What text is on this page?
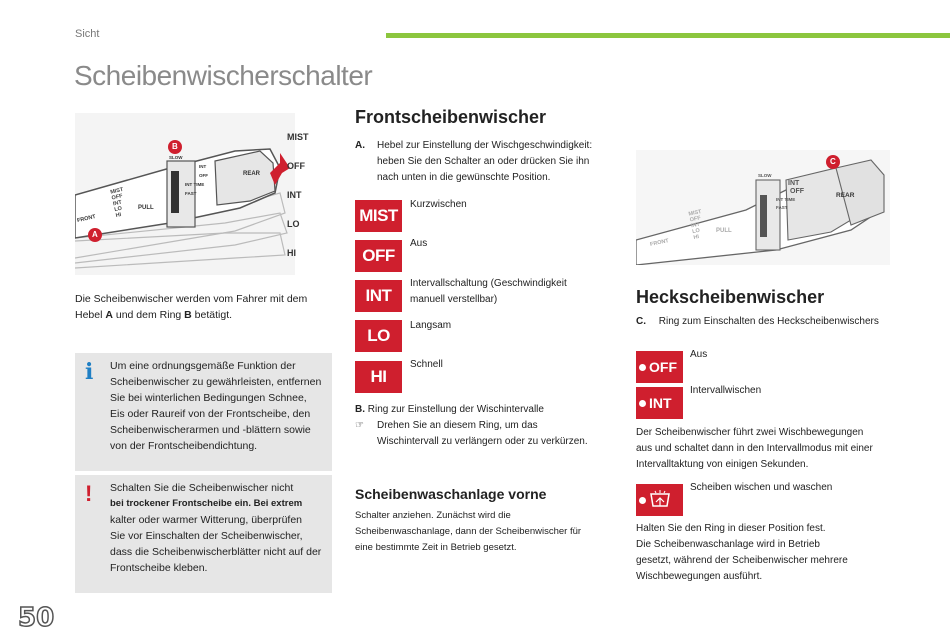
Sicht
Scheibenwischerschalter
MIST
OFF
INT
LO
HI
MIST
OFF
INT
LO
HI
SLOW
INT
OFF
INT TIME
FAST
REAR
PULL
FRONT
B
A
Die Scheibenwischer werden vom Fahrer mit dem
Hebel A und dem Ring B betätigt.
i Um eine ordnungsgemäße Funktion der
Scheibenwischer zu gewährleisten, entfernen
Sie bei winterlichen Bedingungen Schnee,
Eis oder Raureif von der Frontscheibe, den
Scheibenwischerarmen und -blättern sowie
von der Frontscheibendichtung.
! Schalten Sie die Scheibenwischer nicht
bei trockener Frontscheibe ein. Bei extrem
kalter oder warmer Witterung, überprüfen
Sie vor Einschalten der Scheibenwischer,
dass die Scheibenwischerblätter nicht auf der
Frontscheibe kleben.
Frontscheibenwischer
A. Hebel zur Einstellung der Wischgeschwindigkeit:
heben Sie den Schalter an oder drücken Sie ihn
nach unten in die gewünschte Position.
MIST
Kurzwischen
OFF
Aus
INT
Intervallschaltung (Geschwindigkeit
manuell verstellbar)
LO
Langsam
HI
Schnell
B. Ring zur Einstellung der Wischintervalle
☞ Drehen Sie an diesem Ring, um das
Wischintervall zu verlängern oder zu verkürzen.
Scheibenwaschanlage vorne
Schalter anziehen. Zunächst wird die
Scheibenwaschanlage, dann der Scheibenwischer für
eine bestimmte Zeit in Betrieb gesetzt.
SLOW
INT
OFF
INT TIME
FAST
REAR
PULL
FRONT
MIST
OFF
INT
LO
HI
C
Heckscheibenwischer
C. Ring zum Einschalten des Heckscheibenwischers
OFF
Aus
INT
Intervallwischen
Der Scheibenwischer führt zwei Wischbewegungen
aus und schaltet dann in den Intervallmodus mit einer
Intervalltaktung von einigen Sekunden.
Scheiben wischen und waschen
Halten Sie den Ring in dieser Position fest.
Die Scheibenwaschanlage wird in Betrieb
gesetzt, während der Scheibenwischer mehrere
Wischbewegungen ausführt.
50
